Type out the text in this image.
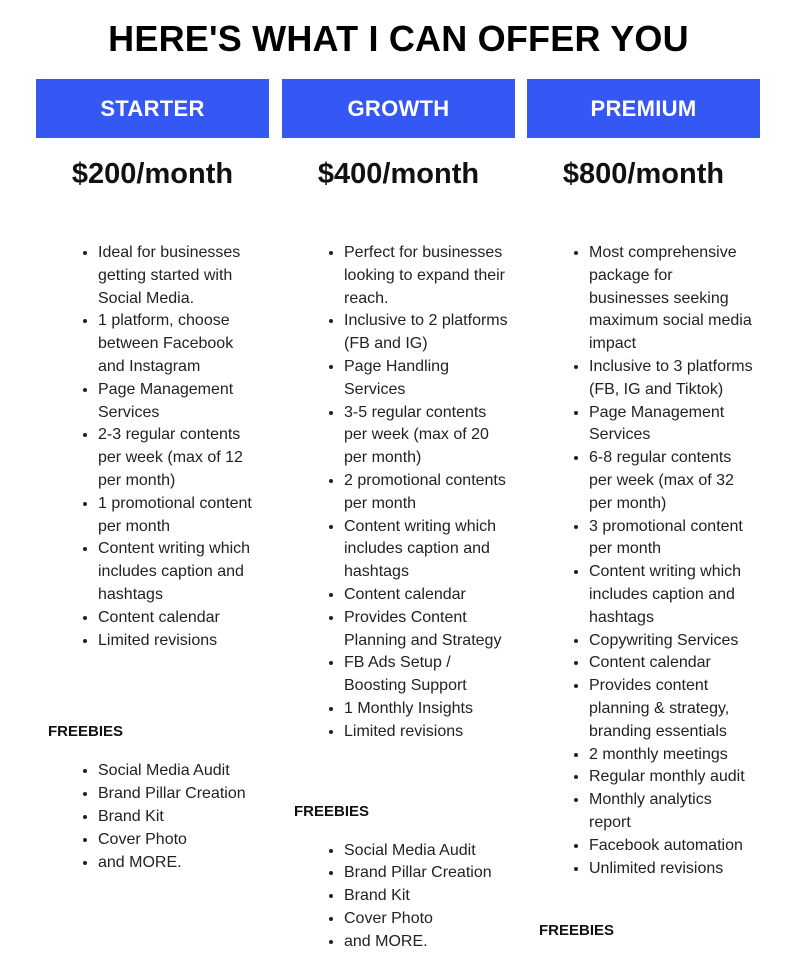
HERE'S WHAT I CAN OFFER YOU
STARTER
$200/month
• Ideal for businesses getting started with Social Media.
• 1 platform, choose between Facebook and Instagram
• Page Management Services
• 2-3 regular contents per week (max of 12 per month)
• 1 promotional content per month
• Content writing which includes caption and hashtags
• Content calendar
• Limited revisions
FREEBIES
• Social Media Audit
• Brand Pillar Creation
• Brand Kit
• Cover Photo
• and MORE.
GROWTH
$400/month
• Perfect for businesses looking to expand their reach.
• Inclusive to 2 platforms (FB and IG)
• Page Handling Services
• 3-5 regular contents per week (max of 20 per month)
• 2 promotional contents per month
• Content writing which includes caption and hashtags
• Content calendar
• Provides Content Planning and Strategy
• FB Ads Setup / Boosting Support
• 1 Monthly Insights
• Limited revisions
FREEBIES
• Social Media Audit
• Brand Pillar Creation
• Brand Kit
• Cover Photo
• and MORE.
PREMIUM
$800/month
• Most comprehensive package for businesses seeking maximum social media impact
• Inclusive to 3 platforms (FB, IG and Tiktok)
• Page Management Services
• 6-8 regular contents per week (max of 32 per month)
• 3 promotional content per month
• Content writing which includes caption and hashtags
• Copywriting Services
• Content calendar
• Provides content planning & strategy, branding essentials
• 2 monthly meetings
• Regular monthly audit
• Monthly analytics report
• Facebook automation
• Unlimited revisions
FREEBIES
